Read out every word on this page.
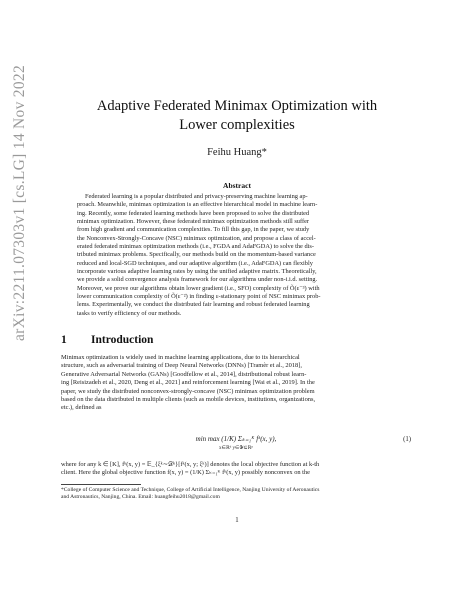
arXiv:2211.07303v1 [cs.LG] 14 Nov 2022	Adaptive Federated Minimax Optimization with
Lower complexities
Feihu Huang*
Abstract
Federated learning is a popular distributed and privacy-preserving machine learning ap-
proach. Meanwhile, minimax optimization is an effective hierarchical model in machine learn-
ing. Recently, some federated learning methods have been proposed to solve the distributed
minimax optimization. However, these federated minimax optimization methods still suffer
from high gradient and communication complexities. To fill this gap, in the paper, we study
the Nonconvex-Strongly-Concave (NSC) minimax optimization, and propose a class of accel-
erated federated minimax optimization methods (i.e., FGDA and AdaFGDA) to solve the dis-
tributed minimax problems. Specifically, our methods build on the momentum-based variance
reduced and local-SGD techniques, and our adaptive algorithm (i.e., AdaFGDA) can flexibly
incorporate various adaptive learning rates by using the unified adaptive matrix. Theoretically,
we provide a solid convergence analysis framework for our algorithms under non-i.i.d. setting.
Moreover, we prove our algorithms obtain lower gradient (i.e., SFO) complexity of Õ(ε⁻³) with
lower communication complexity of Õ(ε⁻²) in finding ε-stationary point of NSC minimax prob-
lems. Experimentally, we conduct the distributed fair learning and robust federated learning
tasks to verify efficiency of our methods.
1 Introduction
Minimax optimization is widely used in machine learning applications, due to its hierarchical
structure, such as adversarial training of Deep Neural Networks (DNNs) [Tramèr et al., 2018],
Generative Adversarial Networks (GANs) [Goodfellow et al., 2014], distributional robust learn-
ing [Reisizadeh et al., 2020, Deng et al., 2021] and reinforcement learning [Wai et al., 2019]. In the
paper, we study the distributed nonconvex-strongly-concave (NSC) minimax optimization problem
based on the data distributed in multiple clients (such as mobile devices, institutions, organizations,
etc.), defined as
min max (1/K) Σₖ₌₁ᴷ fᵏ(x, y),
x∈ℝᵈ y∈𝒴⊆ℝᵖ
(1)
where for any k ∈ [K], fᵏ(x, y) = 𝔼_{ξᵏ∼𝒟ᵏ}[fᵏ(x, y; ξᵏ)] denotes the local objective function at k-th
client. Here the global objective function f(x, y) = (1/K) Σₖ₌₁ᴷ fᵏ(x, y) possibly nonconvex on the
*College of Computer Science and Technique, College of Artificial Intelligence, Nanjing University of Aeronautics
and Astronautics, Nanjing, China. Email: huangfeihu2018@gmail.com
1
